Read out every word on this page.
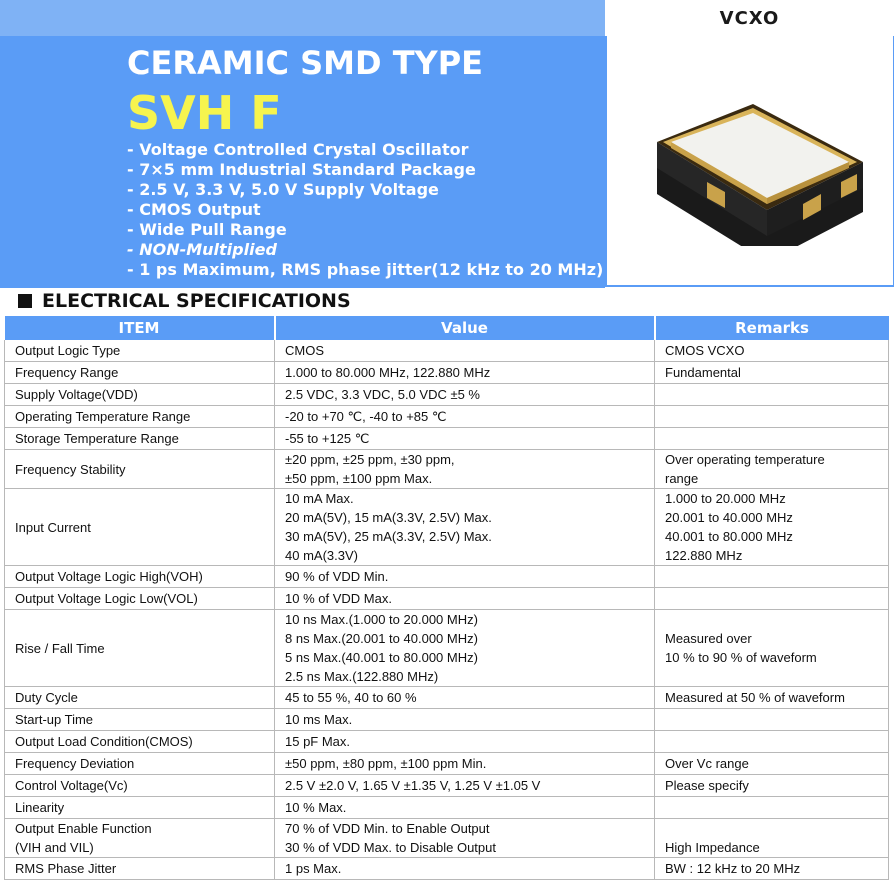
VCXO
CERAMIC SMD TYPE
SVH F
- Voltage Controlled Crystal Oscillator
- 7×5 mm Industrial Standard Package
- 2.5 V, 3.3 V, 5.0 V Supply Voltage
- CMOS Output
- Wide Pull Range
- NON-Multiplied
- 1 ps Maximum, RMS phase jitter(12 kHz to 20 MHz)
ELECTRICAL SPECIFICATIONS
ITEM	Value	Remarks

Output Logic Type	CMOS	CMOS VCXO

Frequency Range	1.000 to 80.000 MHz, 122.880 MHz	Fundamental

Supply Voltage(VDD)	2.5 VDC, 3.3 VDC, 5.0 VDC ±5 %	

Operating Temperature Range	-20 to +70 ℃, -40 to +85 ℃	

Storage Temperature Range	-55 to +125 ℃	

Frequency Stability	±20 ppm, ±25 ppm, ±30 ppm,
±50 ppm, ±100 ppm Max.	Over operating temperature
range

Input Current	10 mA Max.
20 mA(5V), 15 mA(3.3V, 2.5V) Max.
30 mA(5V), 25 mA(3.3V, 2.5V) Max.
40 mA(3.3V)	1.000 to 20.000 MHz
20.001 to 40.000 MHz
40.001 to 80.000 MHz
122.880 MHz

Output Voltage Logic High(VOH)	90 % of VDD Min.	

Output Voltage Logic Low(VOL)	10 % of VDD Max.	

Rise / Fall Time	10 ns Max.(1.000 to 20.000 MHz)
8 ns Max.(20.001 to 40.000 MHz)
5 ns Max.(40.001 to 80.000 MHz)
2.5 ns Max.(122.880 MHz)	Measured over
10 % to 90 % of waveform

Duty Cycle	45 to 55 %, 40 to 60 %	Measured at 50 % of waveform

Start-up Time	10 ms Max.	

Output Load Condition(CMOS)	15 pF Max.	

Frequency Deviation	±50 ppm, ±80 ppm, ±100 ppm Min.	Over Vc range

Control Voltage(Vc)	2.5 V ±2.0 V, 1.65 V ±1.35 V, 1.25 V ±1.05 V	Please specify

Linearity	10 % Max.	

Output Enable Function
(VIH and VIL)	70 % of VDD Min. to Enable Output
30 % of VDD Max. to Disable Output	High Impedance

RMS Phase Jitter	1 ps Max.	BW : 12 kHz to 20 MHz
